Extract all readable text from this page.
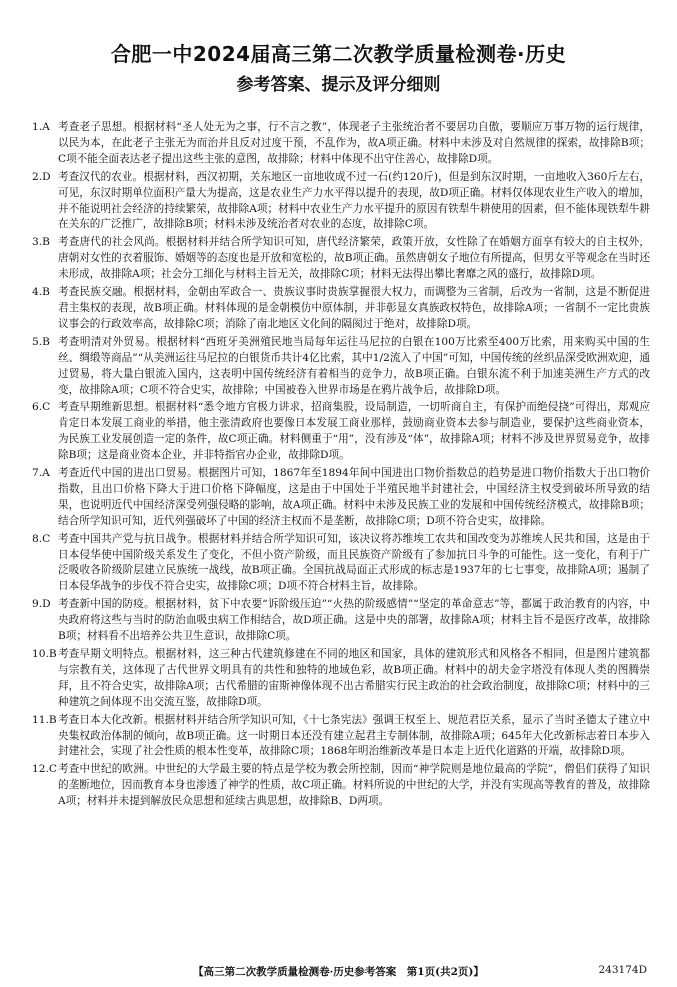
合肥一中2024届高三第二次教学质量检测卷·历史
参考答案、提示及评分细则
1.A 考查老子思想。根据材料“圣人处无为之事，行不言之教”，体现老子主张统治者不要居功自傲，要顺应万事万物的运行规律，以民为本，在此老子主张无为而治并且反对过度干预，不乱作为，故A项正确。材料中未涉及对自然规律的探索，故排除B项；C项不能全面表达老子提出这些主张的意图，故排除；材料中体现不出守住善心，故排除D项。
2.D 考查汉代的农业。根据材料，西汉初期，关东地区一亩地收成不过一石(约120斤)，但是到东汉时期，一亩地收入360斤左右，可见，东汉时期单位面积产量大为提高，这是农业生产力水平得以提升的表现，故D项正确。材料仅体现农业生产收入的增加，并不能说明社会经济的持续繁荣，故排除A项；材料中农业生产力水平提升的原因有铁犁牛耕使用的因素，但不能体现铁犁牛耕在关东的广泛推广，故排除B项；材料未涉及统治者对农业的态度，故排除C项。
3.B 考查唐代的社会风尚。根据材料并结合所学知识可知，唐代经济繁荣，政策开放，女性除了在婚姻方面享有较大的自主权外，唐朝对女性的衣着服饰、婚姻等的态度也是开放和宽松的，故B项正确。虽然唐朝女子地位有所提高，但男女平等观念在当时还未形成，故排除A项；社会分工细化与材料主旨无关，故排除C项；材料无法得出攀比奢靡之风的盛行，故排除D项。
4.B 考查民族交融。根据材料，金朝由军政合一、贵族议事时贵族掌握很大权力，而调整为三省制，后改为一省制，这是不断促进君主集权的表现，故B项正确。材料体现的是金朝模仿中原体制，并非彰显女真族政权特色，故排除A项；一省制不一定比贵族议事会的行政效率高，故排除C项；消除了南北地区文化间的隔阂过于绝对，故排除D项。
5.B 考查明清对外贸易。根据材料“西班牙美洲殖民地当局每年运往马尼拉的白银在100万比索至400万比索，用来购买中国的生丝、绸缎等商品”“从美洲运往马尼拉的白银货币共计4亿比索，其中1/2流入了中国”可知，中国传统的丝织品深受欧洲欢迎，通过贸易，将大量白银流入国内，这表明中国传统经济有着相当的竞争力，故B项正确。白银东流不利于加速美洲生产方式的改变，故排除A项；C项不符合史实，故排除；中国被卷入世界市场是在鸦片战争后，故排除D项。
6.C 考查早期维新思想。根据材料“悉令地方官极力讲求，招商集股，设局制造，一切听商自主，有保护而绝侵挠”可得出，郑观应肯定日本发展工商业的举措，他主张清政府也要像日本发展工商业那样，鼓励商业资本去参与制造业，要保护这些商业资本，为民族工业发展创造一定的条件，故C项正确。材料侧重于“用”，没有涉及“体”，故排除A项；材料不涉及世界贸易竞争，故排除B项；这是商业资本企业，并非特指官办企业，故排除D项。
7.A 考查近代中国的进出口贸易。根据图片可知，1867年至1894年间中国进出口物价指数总的趋势是进口物价指数大于出口物价指数，且出口价格下降大于进口价格下降幅度，这是由于中国处于半殖民地半封建社会，中国经济主权受到破坏所导致的结果，也说明近代中国经济深受列强侵略的影响，故A项正确。材料中未涉及民族工业的发展和中国传统经济模式，故排除B项；结合所学知识可知，近代列强破坏了中国的经济主权而不是垄断，故排除C项；D项不符合史实，故排除。
8.C 考查中国共产党与抗日战争。根据材料并结合所学知识可知，该决议将苏维埃工农共和国改变为苏维埃人民共和国，这是由于日本侵华使中国阶级关系发生了变化，不但小资产阶级，而且民族资产阶级有了参加抗日斗争的可能性。这一变化，有利于广泛吸收各阶级阶层建立民族统一战线，故B项正确。全国抗战局面正式形成的标志是1937年的七七事变，故排除A项；遏制了日本侵华战争的步伐不符合史实，故排除C项；D项不符合材料主旨，故排除。
9.D 考查新中国的防疫。根据材料，贫下中农要“诉阶级压迫”“火热的阶级感情”“坚定的革命意志”等，都属于政治教育的内容，中央政府将这些与当时的防治血吸虫病工作相结合，故D项正确。这是中央的部署，故排除A项；材料主旨不是医疗改革，故排除B项；材料看不出培养公共卫生意识，故排除C项。
10.B 考查早期文明特点。根据材料，这三种古代建筑修建在不同的地区和国家，具体的建筑形式和风格各不相同，但是图片建筑都与宗教有关，这体现了古代世界文明具有的共性和独特的地域色彩，故B项正确。材料中的胡夫金字塔没有体现人类的图腾崇拜，且不符合史实，故排除A项；古代希腊的宙斯神像体现不出古希腊实行民主政治的社会政治制度，故排除C项；材料中的三种建筑之间体现不出交流互鉴，故排除D项。
11.B 考查日本大化改新。根据材料并结合所学知识可知，《十七条宪法》强调王权至上、规范君臣关系，显示了当时圣德太子建立中央集权政治体制的倾向，故B项正确。这一时期日本还没有建立起君主专制体制，故排除A项；645年大化改新标志着日本步入封建社会，实现了社会性质的根本性变革，故排除C项；1868年明治维新改革是日本走上近代化道路的开端，故排除D项。
12.C 考查中世纪的欧洲。中世纪的大学最主要的特点是学校为教会所控制，因而“神学院则是地位最高的学院”，僧侣们获得了知识的垄断地位，因而教育本身也渗透了神学的性质，故C项正确。材料所说的中世纪的大学，并没有实现高等教育的普及，故排除A项；材料并未提到解放民众思想和延续古典思想，故排除B、D两项。
【高三第二次教学质量检测卷·历史参考答案　第1页(共2页)】	243174D
